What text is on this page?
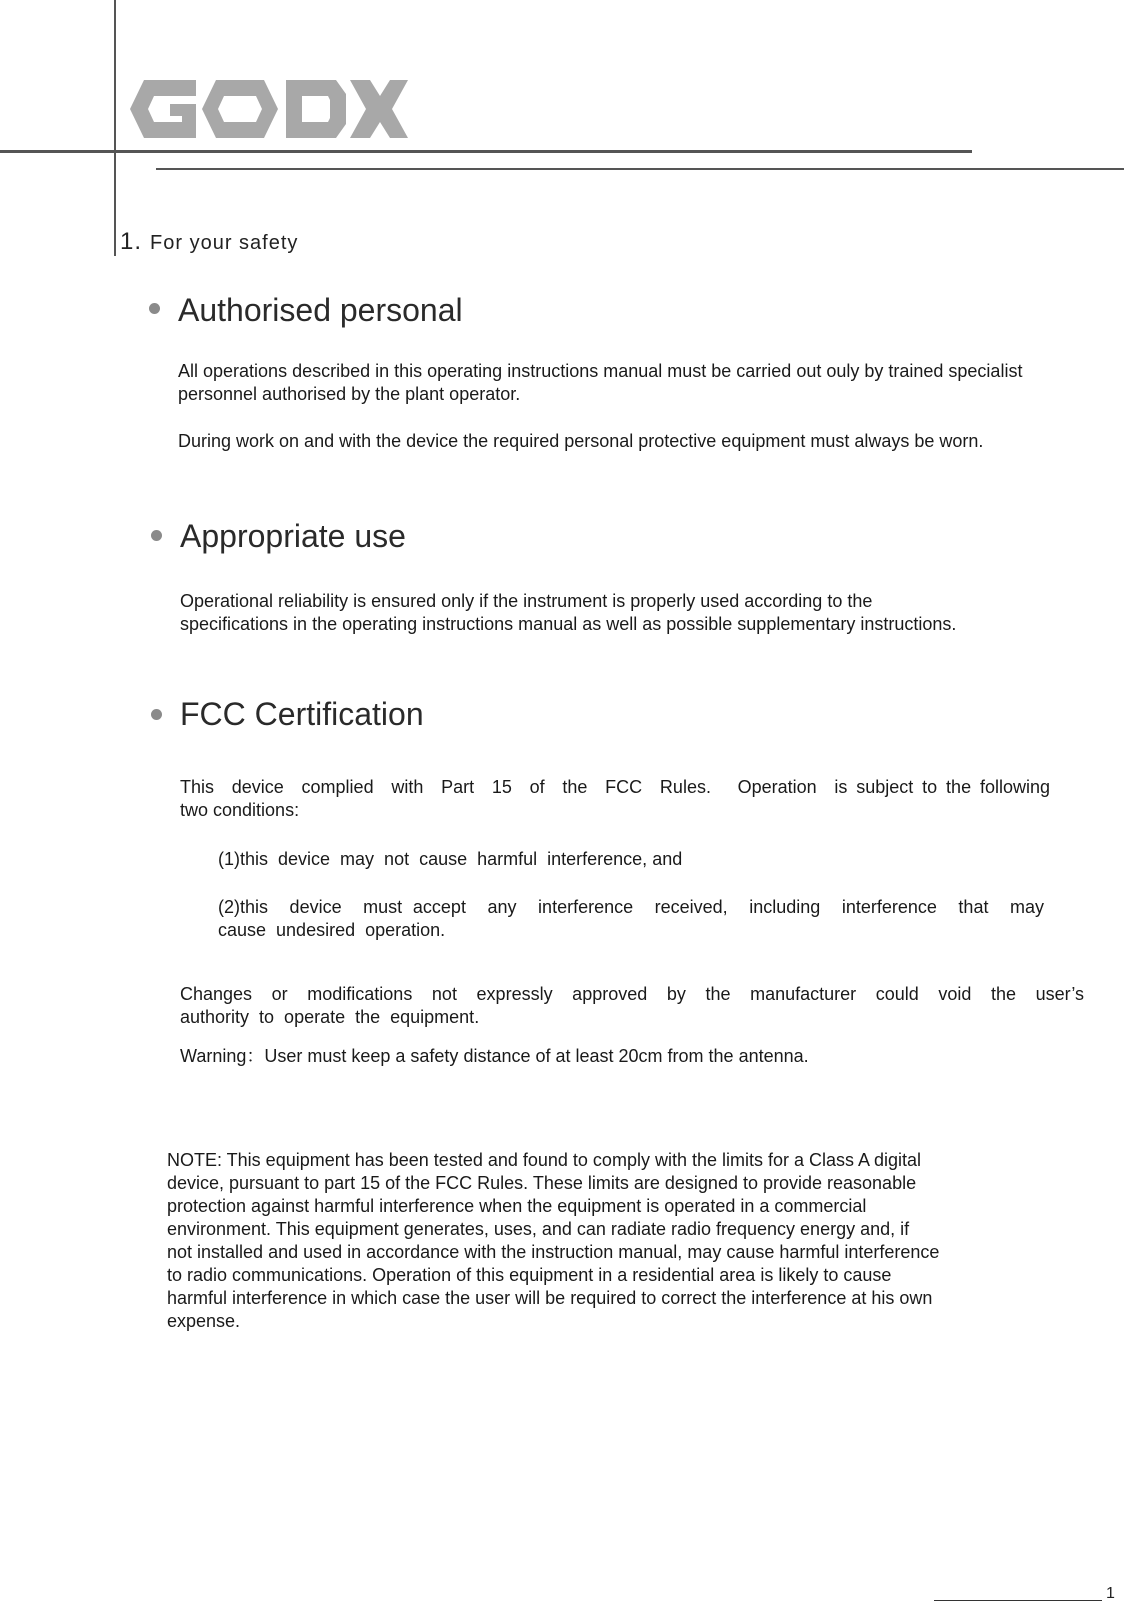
1. For your safety
Authorised personal
All operations described in this operating instructions manual must be carried out ouly by trained specialist personnel authorised by the plant operator.
During work on and with the device the required personal protective equipment must always be worn.
Appropriate use
Operational reliability is ensured only if the instrument is properly used according to the
specifications in the operating instructions manual as well as possible supplementary instructions.
FCC Certification
This  device  complied  with  Part  15  of  the  FCC  Rules.   Operation  is subject to the following
two conditions:
(1)this  device  may  not  cause  harmful  interference, and
(2)this  device  must accept  any  interference  received,  including  interference  that  may
cause  undesired  operation.
Changes  or  modifications  not  expressly  approved  by  the  manufacturer  could  void  the  user’s
authority  to  operate  the  equipment.
Warning：User must keep a safety distance of at least 20cm from the antenna.
NOTE: This equipment has been tested and found to comply with the limits for a Class A digital
device, pursuant to part 15 of the FCC Rules. These limits are designed to provide reasonable
protection against harmful interference when the equipment is operated in a commercial
environment. This equipment generates, uses, and can radiate radio frequency energy and, if
not installed and used in accordance with the instruction manual, may cause harmful interference
to radio communications. Operation of this equipment in a residential area is likely to cause
harmful interference in which case the user will be required to correct the interference at his own
expense.
1
